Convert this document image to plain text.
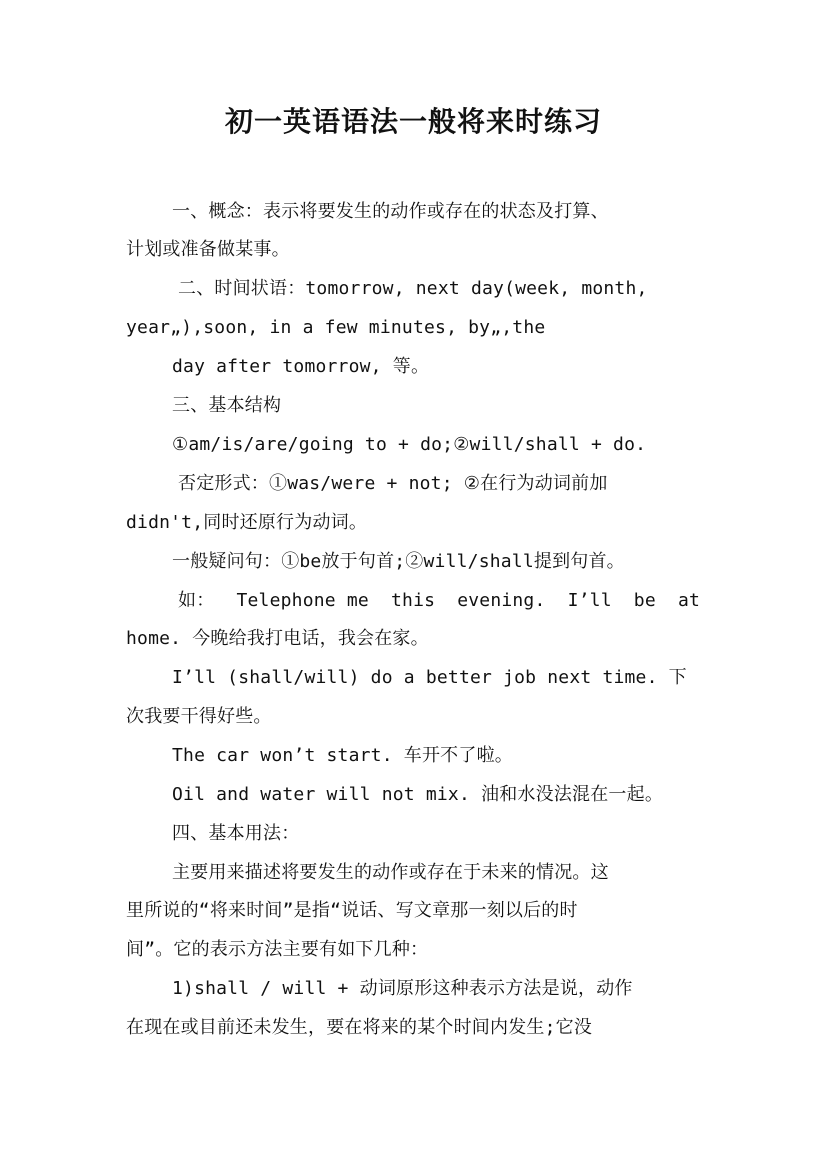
初一英语语法一般将来时练习
一、概念：表示将要发生的动作或存在的状态及打算、
计划或准备做某事。
二、时间状语：tomorrow, next day(week, month,
year„),soon, in a few minutes, by„,the
day after tomorrow, 等。
三、基本结构
①am/is/are/going to + do;②will/shall + do.
否定形式：①was/were + not; ②在行为动词前加
didn't,同时还原行为动词。
一般疑问句：①be放于句首;②will/shall提到句首。
如：  Telephone me  this  evening.  I’ll  be  at
home. 今晚给我打电话，我会在家。
I’ll (shall/will) do a better job next time. 下
次我要干得好些。
The car won’t start. 车开不了啦。
Oil and water will not mix. 油和水没法混在一起。
四、基本用法：
主要用来描述将要发生的动作或存在于未来的情况。这
里所说的“将来时间”是指“说话、写文章那一刻以后的时
间”。它的表示方法主要有如下几种：
1)shall / will + 动词原形这种表示方法是说，动作
在现在或目前还未发生，要在将来的某个时间内发生;它没
